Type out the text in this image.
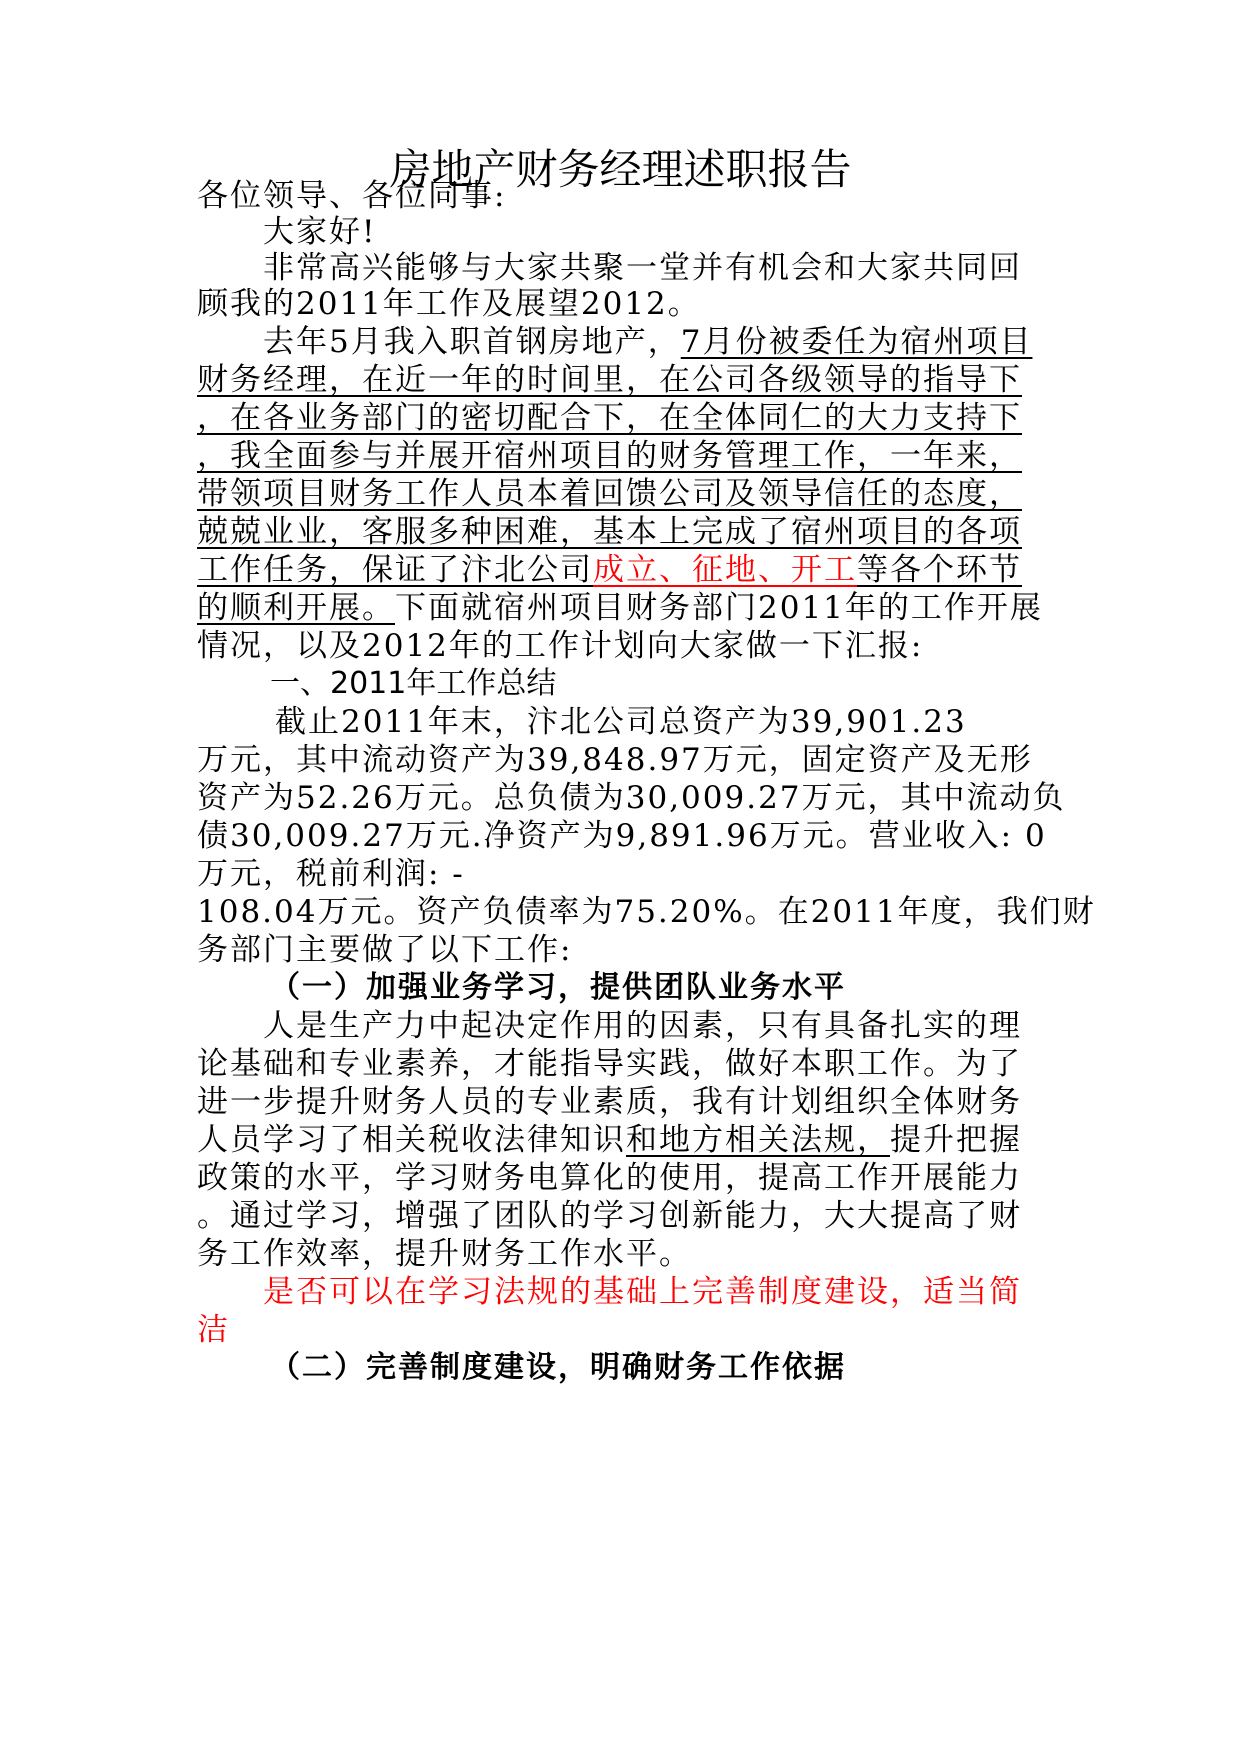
房地产财务经理述职报告
各位领导、各位同事:
大家好!
非常高兴能够与大家共聚一堂并有机会和大家共同回
顾我的2011年工作及展望2012。
去年5月我入职首钢房地产，7月份被委任为宿州项目
财务经理，在近一年的时间里，在公司各级领导的指导下
，在各业务部门的密切配合下，在全体同仁的大力支持下
，我全面参与并展开宿州项目的财务管理工作，一年来，
带领项目财务工作人员本着回馈公司及领导信任的态度，
兢兢业业，客服多种困难，基本上完成了宿州项目的各项
工作任务，保证了汴北公司成立、征地、开工等各个环节
的顺利开展。下面就宿州项目财务部门2011年的工作开展
情况，以及2012年的工作计划向大家做一下汇报:
一、2011年工作总结
截止2011年末，汴北公司总资产为39,901.23
万元，其中流动资产为39,848.97万元，固定资产及无形
资产为52.26万元。总负债为30,009.27万元，其中流动负
债30,009.27万元.净资产为9,891.96万元。营业收入: 0
万元，税前利润: -
108.04万元。资产负债率为75.20%。在2011年度，我们财
务部门主要做了以下工作:
（一）加强业务学习，提供团队业务水平
人是生产力中起决定作用的因素，只有具备扎实的理
论基础和专业素养，才能指导实践，做好本职工作。为了
进一步提升财务人员的专业素质，我有计划组织全体财务
人员学习了相关税收法律知识和地方相关法规，提升把握
政策的水平，学习财务电算化的使用，提高工作开展能力
。通过学习，增强了团队的学习创新能力，大大提高了财
务工作效率，提升财务工作水平。
是否可以在学习法规的基础上完善制度建设，适当简
洁
（二）完善制度建设，明确财务工作依据
